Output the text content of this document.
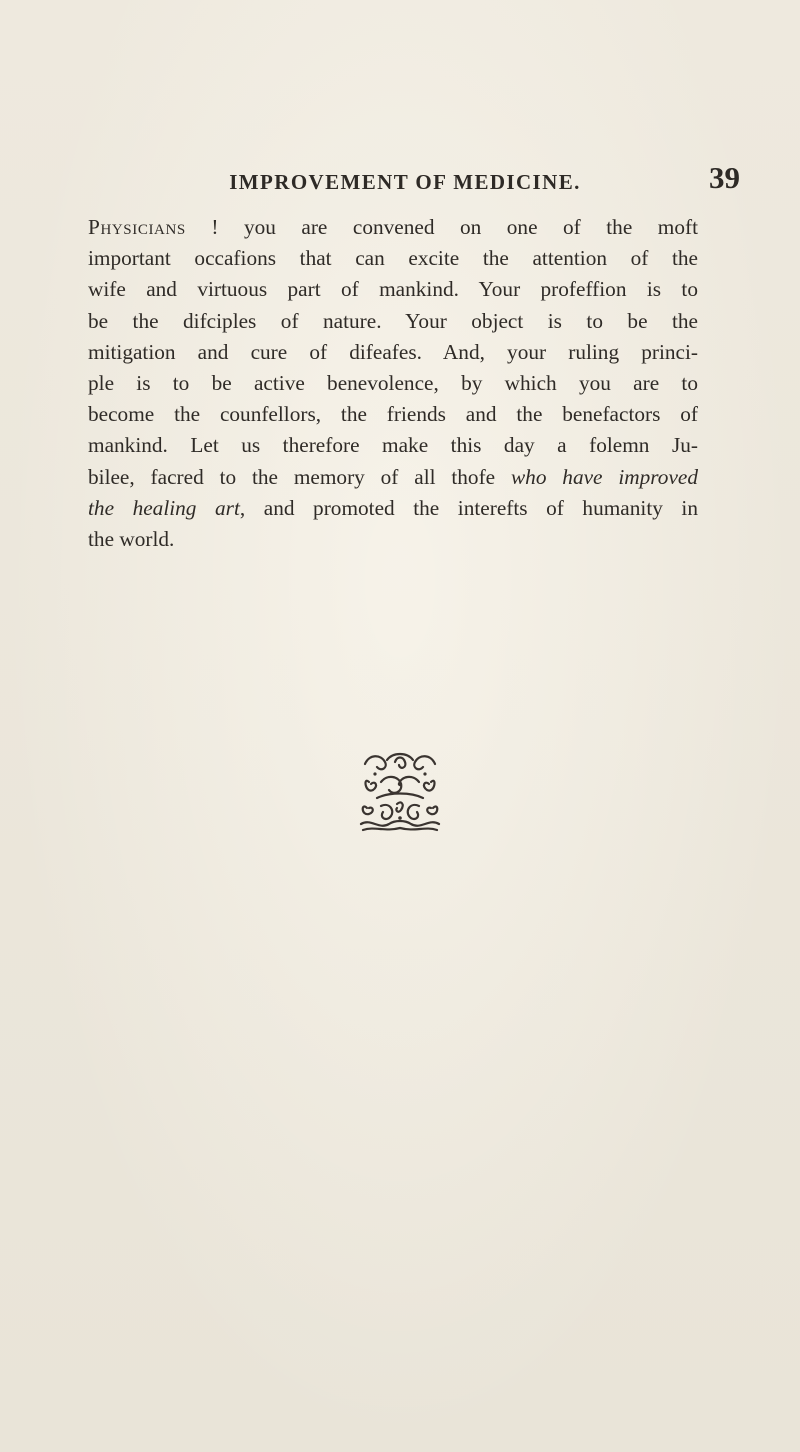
IMPROVEMENT OF MEDICINE.	39
Physicians ! you are convened on one of the moft
important occafions that can excite the attention of the
wife and virtuous part of mankind. Your profeffion is to
be the difciples of nature. Your object is to be the
mitigation and cure of difeafes. And, your ruling princi-
ple is to be active benevolence, by which you are to
become the counfellors, the friends and the benefactors of
mankind. Let us therefore make this day a folemn Ju-
bilee, facred to the memory of all thofe who have improved
the healing art, and promoted the interefts of humanity in
the world.
